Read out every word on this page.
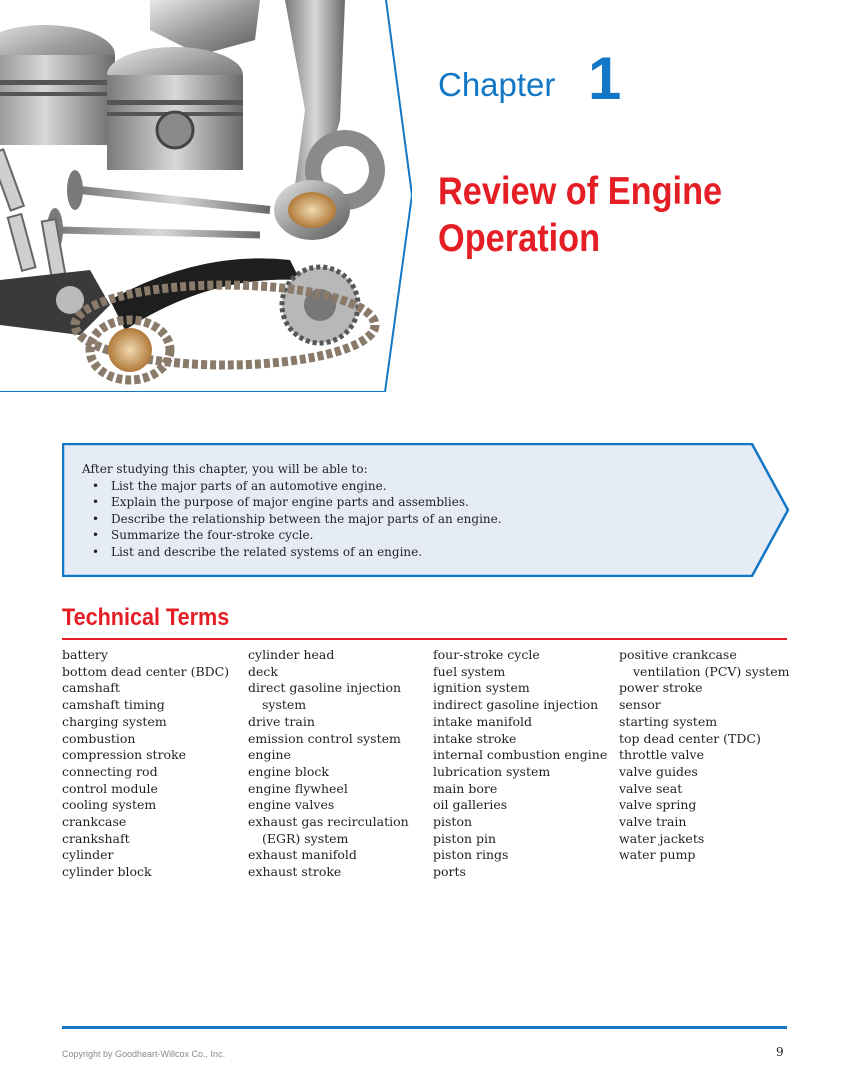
Chapter 1
Review of Engine
Operation
After studying this chapter, you will be able to:
• List the major parts of an automotive engine.
• Explain the purpose of major engine parts and assemblies.
• Describe the relationship between the major parts of an engine.
• Summarize the four-stroke cycle.
• List and describe the related systems of an engine.
Technical Terms
battery
bottom dead center (BDC)
camshaft
camshaft timing
charging system
combustion
compression stroke
connecting rod
control module
cooling system
crankcase
crankshaft
cylinder
cylinder block
cylinder head
deck
direct gasoline injection
system
drive train
emission control system
engine
engine block
engine flywheel
engine valves
exhaust gas recirculation
(EGR) system
exhaust manifold
exhaust stroke
four-stroke cycle
fuel system
ignition system
indirect gasoline injection
intake manifold
intake stroke
internal combustion engine
lubrication system
main bore
oil galleries
piston
piston pin
piston rings
ports
positive crankcase
ventilation (PCV) system
power stroke
sensor
starting system
top dead center (TDC)
throttle valve
valve guides
valve seat
valve spring
valve train
water jackets
water pump
Copyright by Goodheart-Willcox Co., Inc.	9
